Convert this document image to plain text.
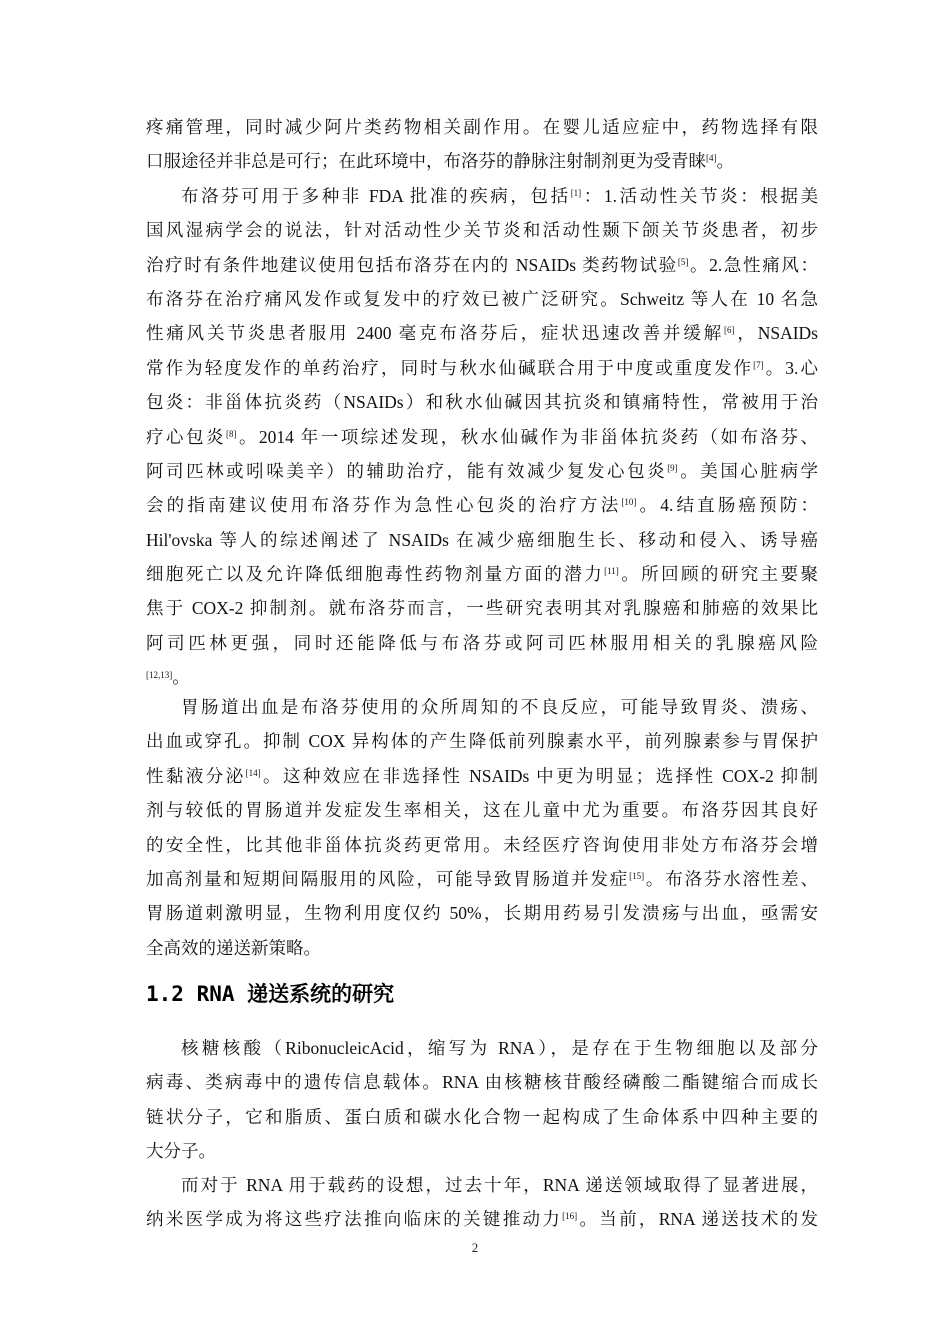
疼痛管理，同时减少阿片类药物相关副作用。在婴儿适应症中，药物选择有限
口服途径并非总是可行；在此环境中，布洛芬的静脉注射制剂更为受青睐[4]。
布洛芬可用于多种非 FDA 批准的疾病，包括[1]：1.活动性关节炎：根据美
国风湿病学会的说法，针对活动性少关节炎和活动性颞下颌关节炎患者，初步
治疗时有条件地建议使用包括布洛芬在内的 NSAIDs 类药物试验[5]。2.急性痛风：
布洛芬在治疗痛风发作或复发中的疗效已被广泛研究。Schweitz 等人在 10 名急
性痛风关节炎患者服用 2400 毫克布洛芬后，症状迅速改善并缓解[6]，NSAIDs
常作为轻度发作的单药治疗，同时与秋水仙碱联合用于中度或重度发作[7]。3.心
包炎：非甾体抗炎药（NSAIDs）和秋水仙碱因其抗炎和镇痛特性，常被用于治
疗心包炎[8]。2014 年一项综述发现，秋水仙碱作为非甾体抗炎药（如布洛芬、
阿司匹林或吲哚美辛）的辅助治疗，能有效减少复发心包炎[9]。美国心脏病学
会的指南建议使用布洛芬作为急性心包炎的治疗方法[10]。4.结直肠癌预防：
Hil'ovska 等人的综述阐述了 NSAIDs 在减少癌细胞生长、移动和侵入、诱导癌
细胞死亡以及允许降低细胞毒性药物剂量方面的潜力[11]。所回顾的研究主要聚
焦于 COX-2 抑制剂。就布洛芬而言，一些研究表明其对乳腺癌和肺癌的效果比
阿司匹林更强，同时还能降低与布洛芬或阿司匹林服用相关的乳腺癌风险
[12,13]。
胃肠道出血是布洛芬使用的众所周知的不良反应，可能导致胃炎、溃疡、
出血或穿孔。抑制 COX 异构体的产生降低前列腺素水平，前列腺素参与胃保护
性黏液分泌[14]。这种效应在非选择性 NSAIDs 中更为明显；选择性 COX-2 抑制
剂与较低的胃肠道并发症发生率相关，这在儿童中尤为重要。布洛芬因其良好
的安全性，比其他非甾体抗炎药更常用。未经医疗咨询使用非处方布洛芬会增
加高剂量和短期间隔服用的风险，可能导致胃肠道并发症[15]。布洛芬水溶性差、
胃肠道刺激明显，生物利用度仅约 50%，长期用药易引发溃疡与出血，亟需安
全高效的递送新策略。
1.2 RNA 递送系统的研究
核糖核酸（RibonucleicAcid，缩写为 RNA），是存在于生物细胞以及部分
病毒、类病毒中的遗传信息载体。RNA 由核糖核苷酸经磷酸二酯键缩合而成长
链状分子，它和脂质、蛋白质和碳水化合物一起构成了生命体系中四种主要的
大分子。
而对于 RNA 用于载药的设想，过去十年，RNA 递送领域取得了显著进展，
纳米医学成为将这些疗法推向临床的关键推动力[16]。当前，RNA 递送技术的发
2
